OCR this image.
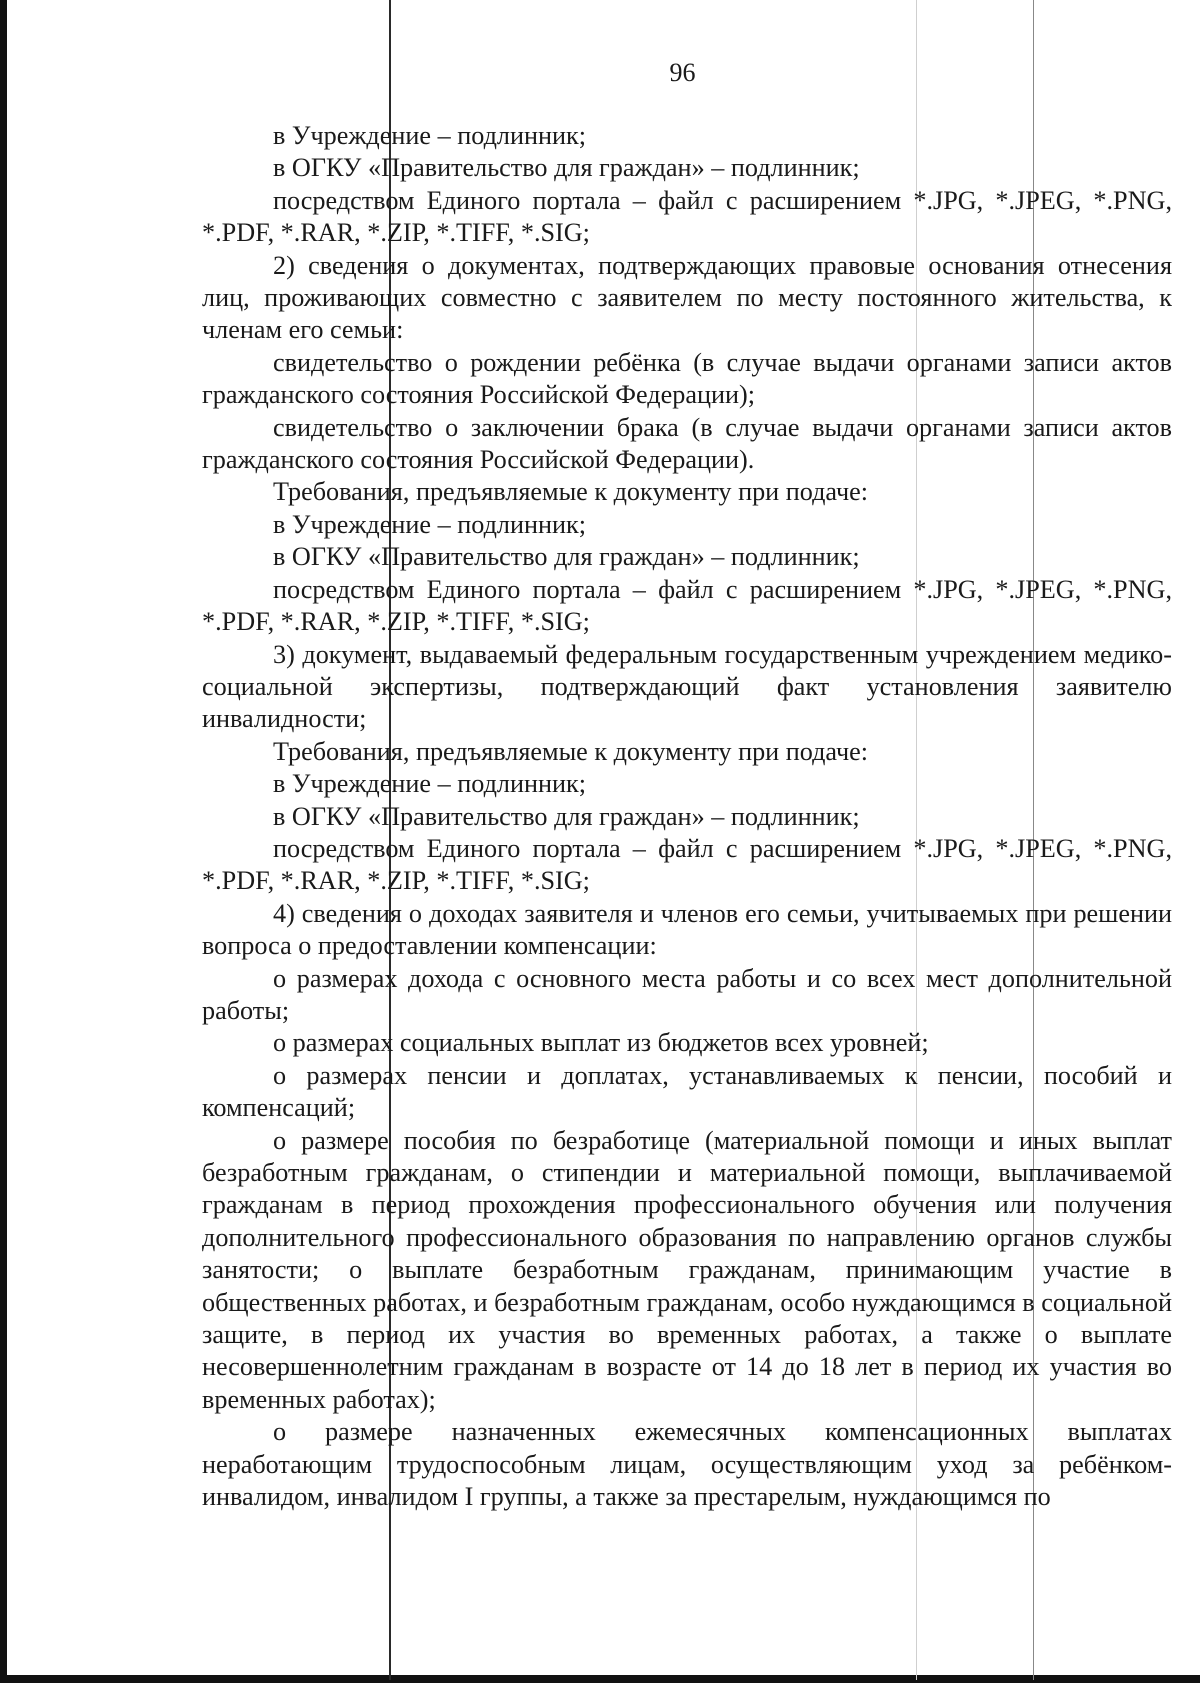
96

в Учреждение – подлинник;

в ОГКУ «Правительство для граждан» – подлинник;

посредством Единого портала – файл с расширением *.JPG, *.JPEG, *.PNG, *.PDF, *.RAR, *.ZIP, *.TIFF, *.SIG;

2) сведения о документах, подтверждающих правовые основания отнесения лиц, проживающих совместно с заявителем по месту постоянного жительства, к членам его семьи:

свидетельство о рождении ребёнка (в случае выдачи органами записи актов гражданского состояния Российской Федерации);

свидетельство о заключении брака (в случае выдачи органами записи актов гражданского состояния Российской Федерации).

Требования, предъявляемые к документу при подаче:

в Учреждение – подлинник;

в ОГКУ «Правительство для граждан» – подлинник;

посредством Единого портала – файл с расширением *.JPG, *.JPEG, *.PNG, *.PDF, *.RAR, *.ZIP, *.TIFF, *.SIG;

3) документ, выдаваемый федеральным государственным учреждением медико-социальной экспертизы, подтверждающий факт установления заявителю инвалидности;

Требования, предъявляемые к документу при подаче:

в Учреждение – подлинник;

в ОГКУ «Правительство для граждан» – подлинник;

посредством Единого портала – файл с расширением *.JPG, *.JPEG, *.PNG, *.PDF, *.RAR, *.ZIP, *.TIFF, *.SIG;

4) сведения о доходах заявителя и членов его семьи, учитываемых при решении вопроса о предоставлении компенсации:

о размерах дохода с основного места работы и со всех мест дополнительной работы;

о размерах социальных выплат из бюджетов всех уровней;

о размерах пенсии и доплатах, устанавливаемых к пенсии, пособий и компенсаций;

о размере пособия по безработице (материальной помощи и иных выплат безработным гражданам, о стипендии и материальной помощи, выплачиваемой гражданам в период прохождения профессионального обучения или получения дополнительного профессионального образования по направлению органов службы занятости; о выплате безработным гражданам, принимающим участие в общественных работах, и безработным гражданам, особо нуждающимся в социальной защите, в период их участия во временных работах, а также о выплате несовершеннолетним гражданам в возрасте от 14 до 18 лет в период их участия во временных работах);

о размере назначенных ежемесячных компенсационных выплатах неработающим трудоспособным лицам, осуществляющим уход за ребёнком-инвалидом, инвалидом I группы, а также за престарелым, нуждающимся по
